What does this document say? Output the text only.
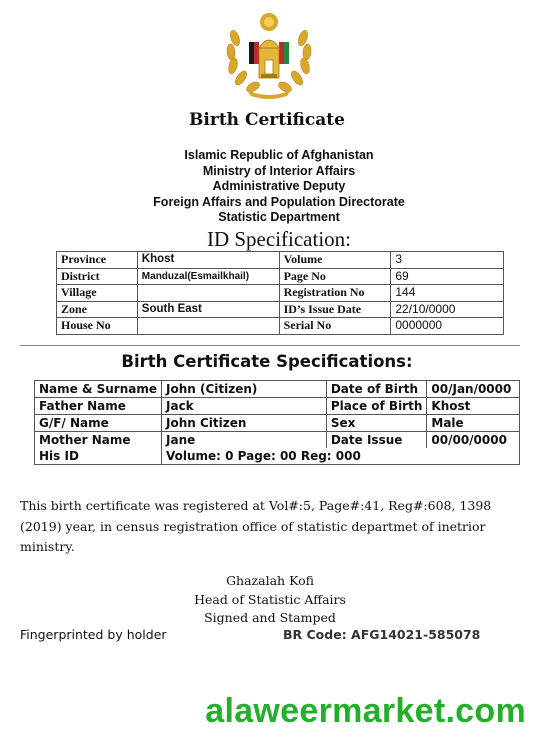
Birth Certificate
Islamic Republic of Afghanistan
Ministry of Interior Affairs
Administrative Deputy
Foreign Affairs and Population Directorate
Statistic Department
ID Specification:
Province	Khost	Volume	3
District	Manduzal(Esmailkhail)	Page No	69
Village		Registration No	144
Zone	South East	ID’s Issue Date	22/10/0000
House No		Serial No	0000000
Birth Certificate Specifications:
Name & Surname	John (Citizen)	Date of Birth	00/Jan/0000
Father Name	Jack	Place of Birth	Khost
G/F/ Name	John Citizen	Sex	Male
Mother Name	Jane	Date Issue	00/00/0000
His ID	Volume: 0 Page: 00 Reg: 000		
This birth certificate was registered at Vol#:5, Page#:41, Reg#:608, 1398 (2019) year, in census registration office of statistic departmet of inetrior ministry.
Ghazalah Kofi
Head of Statistic Affairs
Signed and Stamped
Fingerprinted by holder	BR Code: AFG14021-585078
alaweermarket.com
